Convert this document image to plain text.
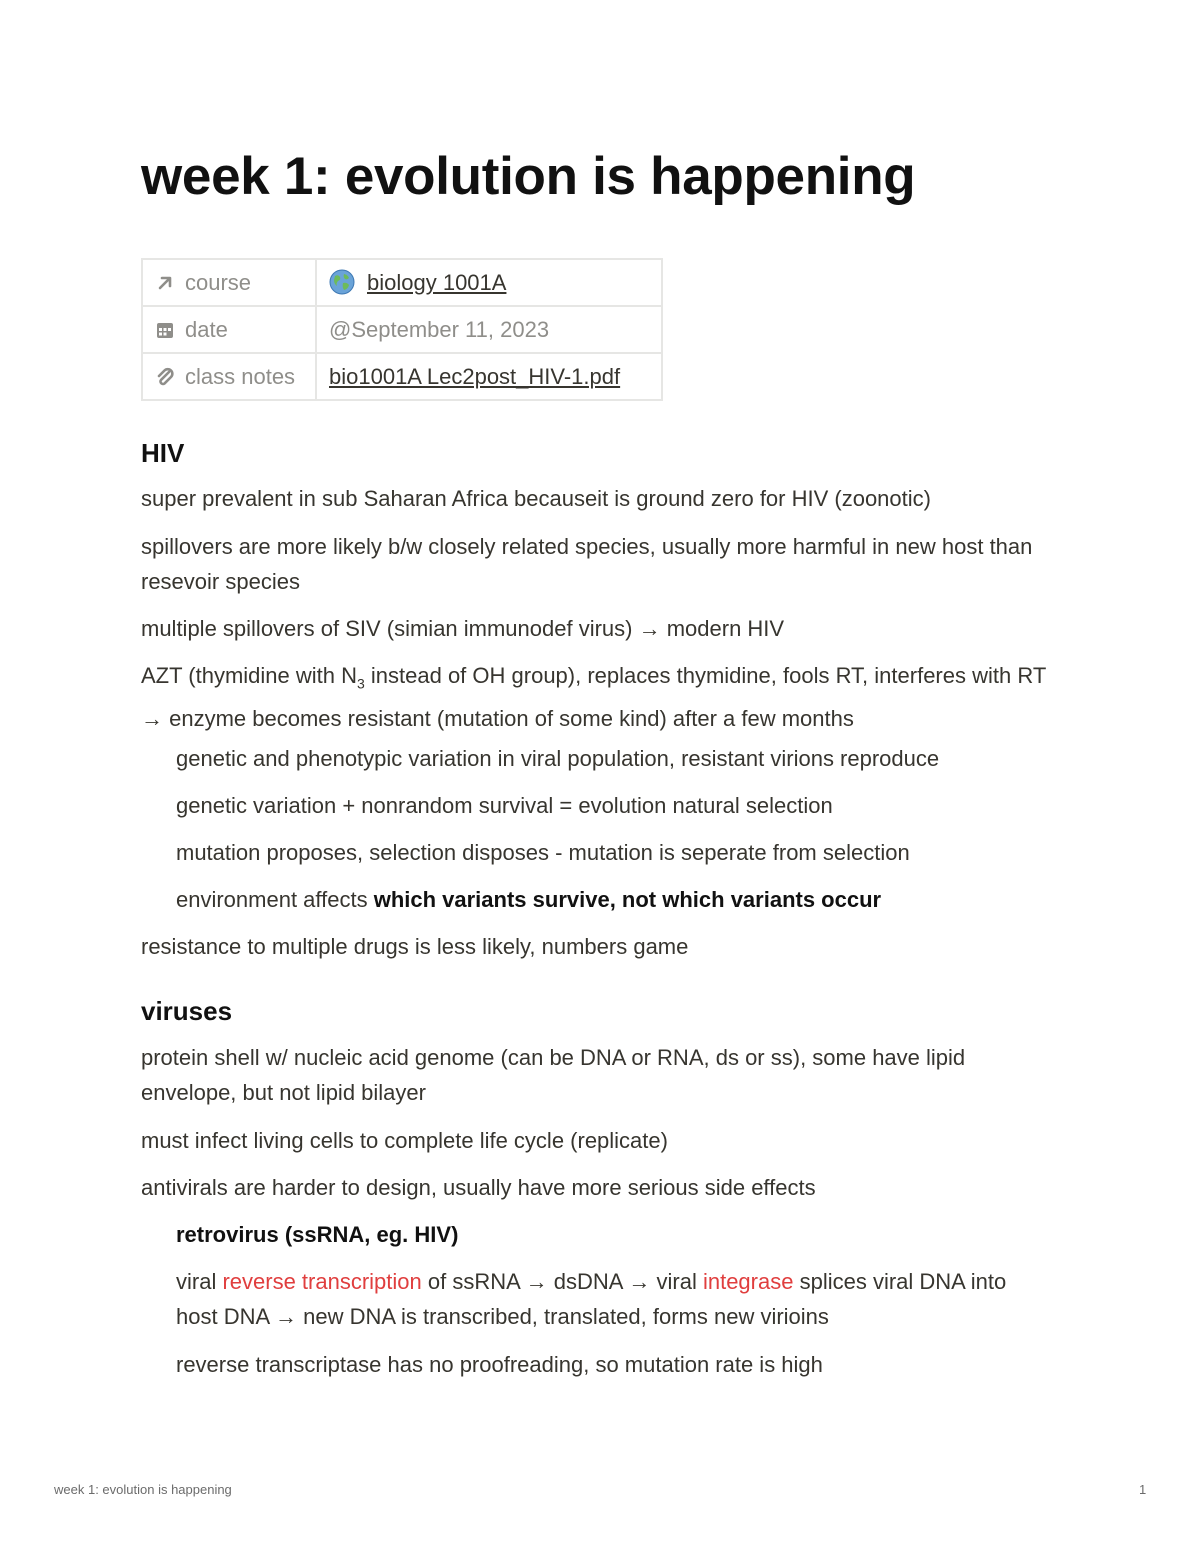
week 1: evolution is happening
course	biology 1001A
date	@September 11, 2023
class notes	bio1001A Lec2post_HIV-1.pdf
HIV
super prevalent in sub Saharan Africa becauseit is ground zero for HIV (zoonotic)
spillovers are more likely b/w closely related species, usually more harmful in new host than resevoir species
multiple spillovers of SIV (simian immunodef virus) → modern HIV
AZT (thymidine with $N_3$ instead of OH group), replaces thymidine, fools RT, interferes with RT → enzyme becomes resistant (mutation of some kind) after a few months
genetic and phenotypic variation in viral population, resistant virions reproduce
genetic variation + nonrandom survival = evolution natural selection
mutation proposes, selection disposes - mutation is seperate from selection
environment affects which variants survive, not which variants occur
resistance to multiple drugs is less likely, numbers game
viruses
protein shell w/ nucleic acid genome (can be DNA or RNA, ds or ss), some have lipid envelope, but not lipid bilayer
must infect living cells to complete life cycle (replicate)
antivirals are harder to design, usually have more serious side effects
retrovirus (ssRNA, eg. HIV)
viral reverse transcription of ssRNA → dsDNA → viral integrase splices viral DNA into host DNA → new DNA is transcribed, translated, forms new virioins
reverse transcriptase has no proofreading, so mutation rate is high
week 1: evolution is happening	1
